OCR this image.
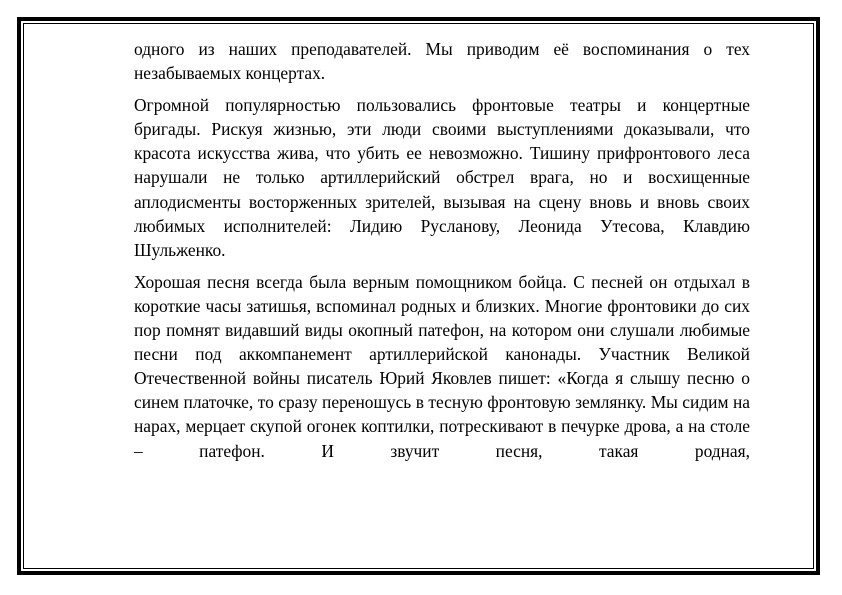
одного из наших преподавателей. Мы приводим её воспоминания о тех незабываемых концертах.

Огромной популярностью пользовались фронтовые театры и концертные бригады. Рискуя жизнью, эти люди своими выступлениями доказывали, что красота искусства жива, что убить ее невозможно. Тишину прифронтового леса нарушали не только артиллерийский обстрел врага, но и восхищенные аплодисменты восторженных зрителей, вызывая на сцену вновь и вновь своих любимых исполнителей: Лидию Русланову, Леонида Утесова, Клавдию Шульженко.

Хорошая песня всегда была верным помощником бойца. С песней он отдыхал в короткие часы затишья, вспоминал родных и близких. Многие фронтовики до сих пор помнят видавший виды окопный патефон, на котором они слушали любимые песни под аккомпанемент артиллерийской канонады. Участник Великой Отечественной войны писатель Юрий Яковлев пишет: «Когда я слышу песню о синем платочке, то сразу переношусь в тесную фронтовую землянку. Мы сидим на нарах, мерцает скупой огонек коптилки, потрескивают в печурке дрова, а на столе – патефон. И звучит песня, такая родная,
